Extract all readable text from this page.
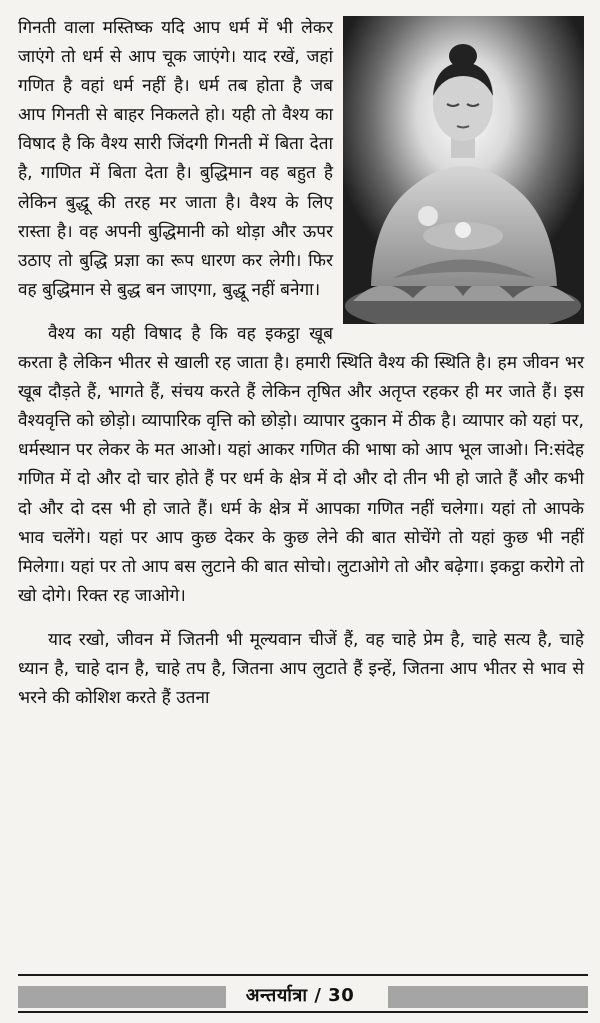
गिनती वाला मस्तिष्क यदि आप धर्म में भी लेकर जाएंगे तो धर्म से आप चूक जाएंगे। याद रखें, जहां गणित है वहां धर्म नहीं है। धर्म तब होता है जब आप गिनती से बाहर निकलते हो। यही तो वैश्य का विषाद है कि वैश्य सारी जिंदगी गिनती में बिता देता है, गाणित में बिता देता है। बुद्धिमान वह बहुत है लेकिन बुद्धू की तरह मर जाता है। वैश्य के लिए रास्ता है। वह अपनी बुद्धिमानी को थोड़ा और ऊपर उठाए तो बुद्धि प्रज्ञा का रूप धारण कर लेगी। फिर वह बुद्धिमान से बुद्ध बन जाएगा, बुद्धू नहीं बनेगा।

वैश्य का यही विषाद है कि वह इकट्ठा खूब करता है लेकिन भीतर से खाली रह जाता है। हमारी स्थिति वैश्य की स्थिति है। हम जीवन भर खूब दौड़ते हैं, भागते हैं, संचय करते हैं लेकिन तृषित और अतृप्त रहकर ही मर जाते हैं। इस वैश्यवृत्ति को छोड़ो। व्यापारिक वृत्ति को छोड़ो। व्यापार दुकान में ठीक है। व्यापार को यहां पर, धर्मस्थान पर लेकर के मत आओ। यहां आकर गणित की भाषा को आप भूल जाओ। नि:संदेह गणित में दो और दो चार होते हैं पर धर्म के क्षेत्र में दो और दो तीन भी हो जाते हैं और कभी दो और दो दस भी हो जाते हैं। धर्म के क्षेत्र में आपका गणित नहीं चलेगा। यहां तो आपके भाव चलेंगे। यहां पर आप कुछ देकर के कुछ लेने की बात सोचेंगे तो यहां कुछ भी नहीं मिलेगा। यहां पर तो आप बस लुटाने की बात सोचो। लुटाओगे तो और बढ़ेगा। इकट्ठा करोगे तो खो दोगे। रिक्त रह जाओगे।

याद रखो, जीवन में जितनी भी मूल्यवान चीजें हैं, वह चाहे प्रेम है, चाहे सत्य है, चाहे ध्यान है, चाहे दान है, चाहे तप है, जितना आप लुटाते हैं इन्हें, जितना आप भीतर से भाव से भरने की कोशिश करते हैं उतना

अन्तर्यात्रा / 30
